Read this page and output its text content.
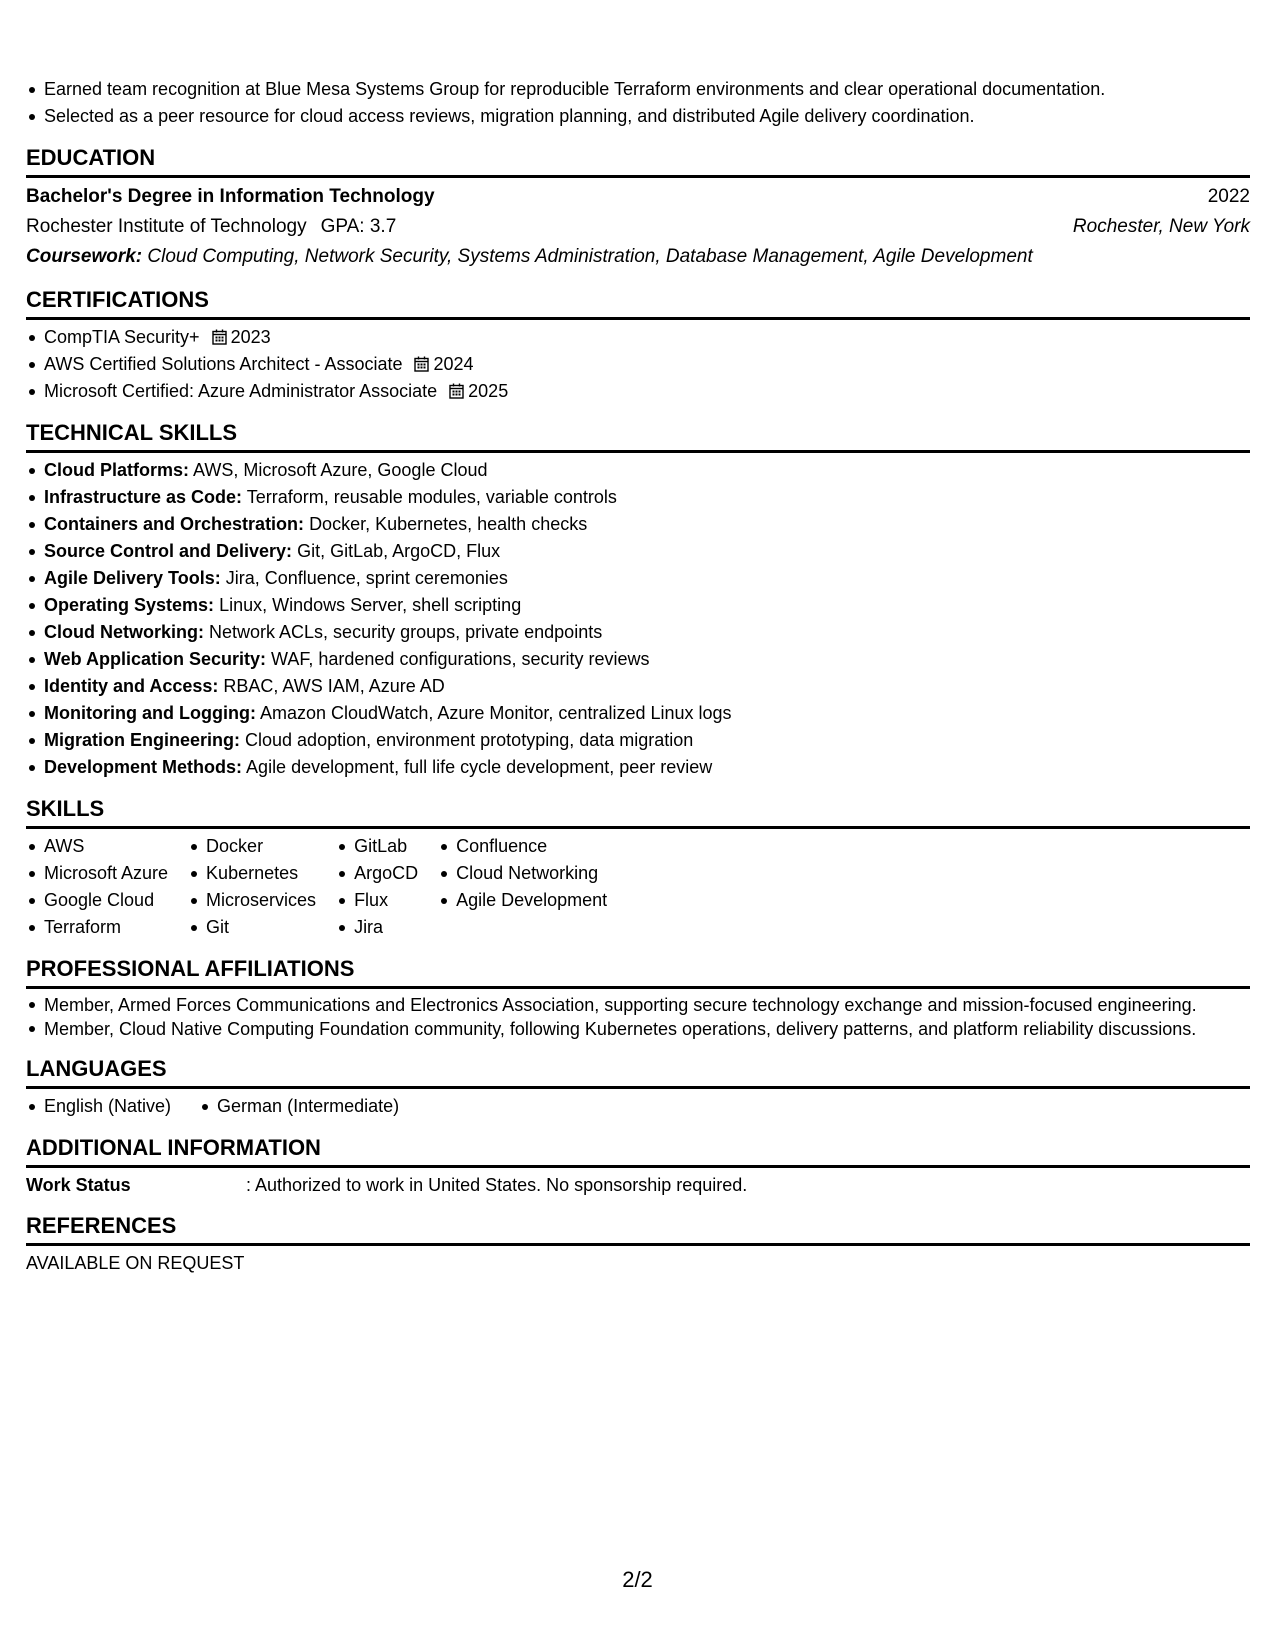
Earned team recognition at Blue Mesa Systems Group for reproducible Terraform environments and clear operational documentation.
Selected as a peer resource for cloud access reviews, migration planning, and distributed Agile delivery coordination.
EDUCATION
Bachelor's Degree in Information Technology	2022
Rochester Institute of Technology GPA: 3.7	Rochester, New York
Coursework: Cloud Computing, Network Security, Systems Administration, Database Management, Agile Development
CERTIFICATIONS
CompTIA Security+ 2023
AWS Certified Solutions Architect - Associate 2024
Microsoft Certified: Azure Administrator Associate 2025
TECHNICAL SKILLS
Cloud Platforms: AWS, Microsoft Azure, Google Cloud
Infrastructure as Code: Terraform, reusable modules, variable controls
Containers and Orchestration: Docker, Kubernetes, health checks
Source Control and Delivery: Git, GitLab, ArgoCD, Flux
Agile Delivery Tools: Jira, Confluence, sprint ceremonies
Operating Systems: Linux, Windows Server, shell scripting
Cloud Networking: Network ACLs, security groups, private endpoints
Web Application Security: WAF, hardened configurations, security reviews
Identity and Access: RBAC, AWS IAM, Azure AD
Monitoring and Logging: Amazon CloudWatch, Azure Monitor, centralized Linux logs
Migration Engineering: Cloud adoption, environment prototyping, data migration
Development Methods: Agile development, full life cycle development, peer review
SKILLS
AWS
Microsoft Azure
Google Cloud
Terraform
Docker
Kubernetes
Microservices
Git
GitLab
ArgoCD
Flux
Jira
Confluence
Cloud Networking
Agile Development
PROFESSIONAL AFFILIATIONS
Member, Armed Forces Communications and Electronics Association, supporting secure technology exchange and mission-focused engineering.
Member, Cloud Native Computing Foundation community, following Kubernetes operations, delivery patterns, and platform reliability discussions.
LANGUAGES
English (Native)	German (Intermediate)
ADDITIONAL INFORMATION
Work Status	: Authorized to work in United States. No sponsorship required.
REFERENCES
AVAILABLE ON REQUEST
2/2
